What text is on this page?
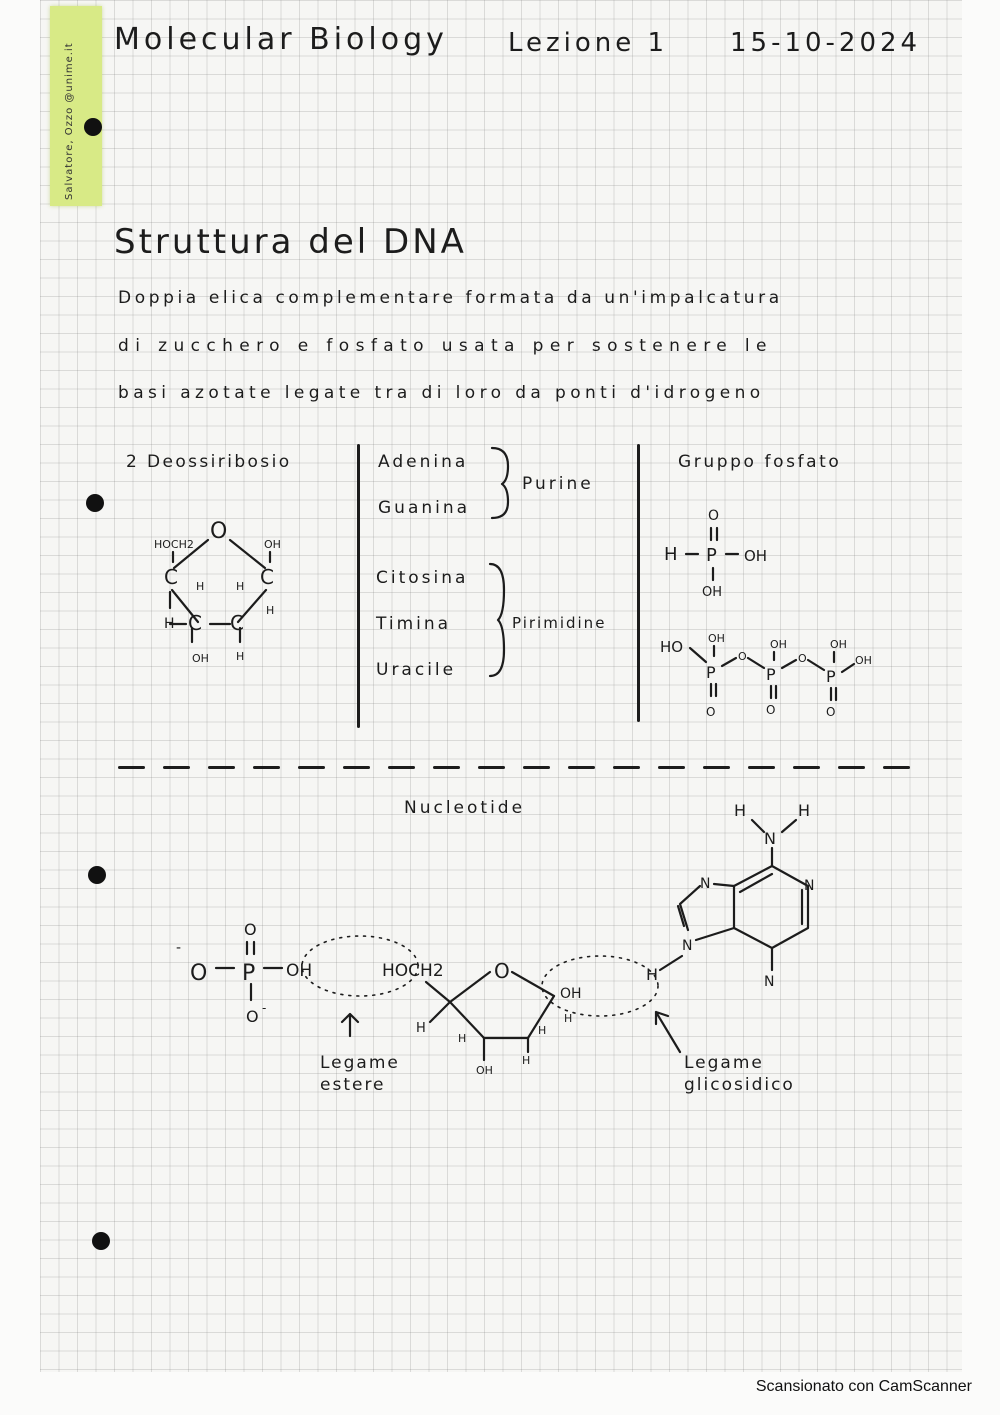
Salvatore, Ozzo @unime.it
Molecular Biology Lezione 1 15-10-2024
Struttura del DNA
Doppia elica complementare formata da un'impalcatura
di zucchero e fosfato usata per sostenere le
basi azotate legate tra di loro da ponti d'idrogeno
2 Deossiribosio
O
HOCH2	OH
C	C
H	H
H
H C C
OH H
Adenina
Guanina
Purine
Citosina
Timina
Uracile
Pirimidine
Gruppo fosfato
O
H P OH
OH
HO OH	OH	OH
OH
P
O
P
O
P
O	O	O
Nucleotide
-
O P
O
OH
O -
HOCH2	O
H
OH
H
H
OH
H
H
H
N
N
N
H	H
N
N
Legame
estere
Legame
glicosidico
Scansionato con CamScanner
